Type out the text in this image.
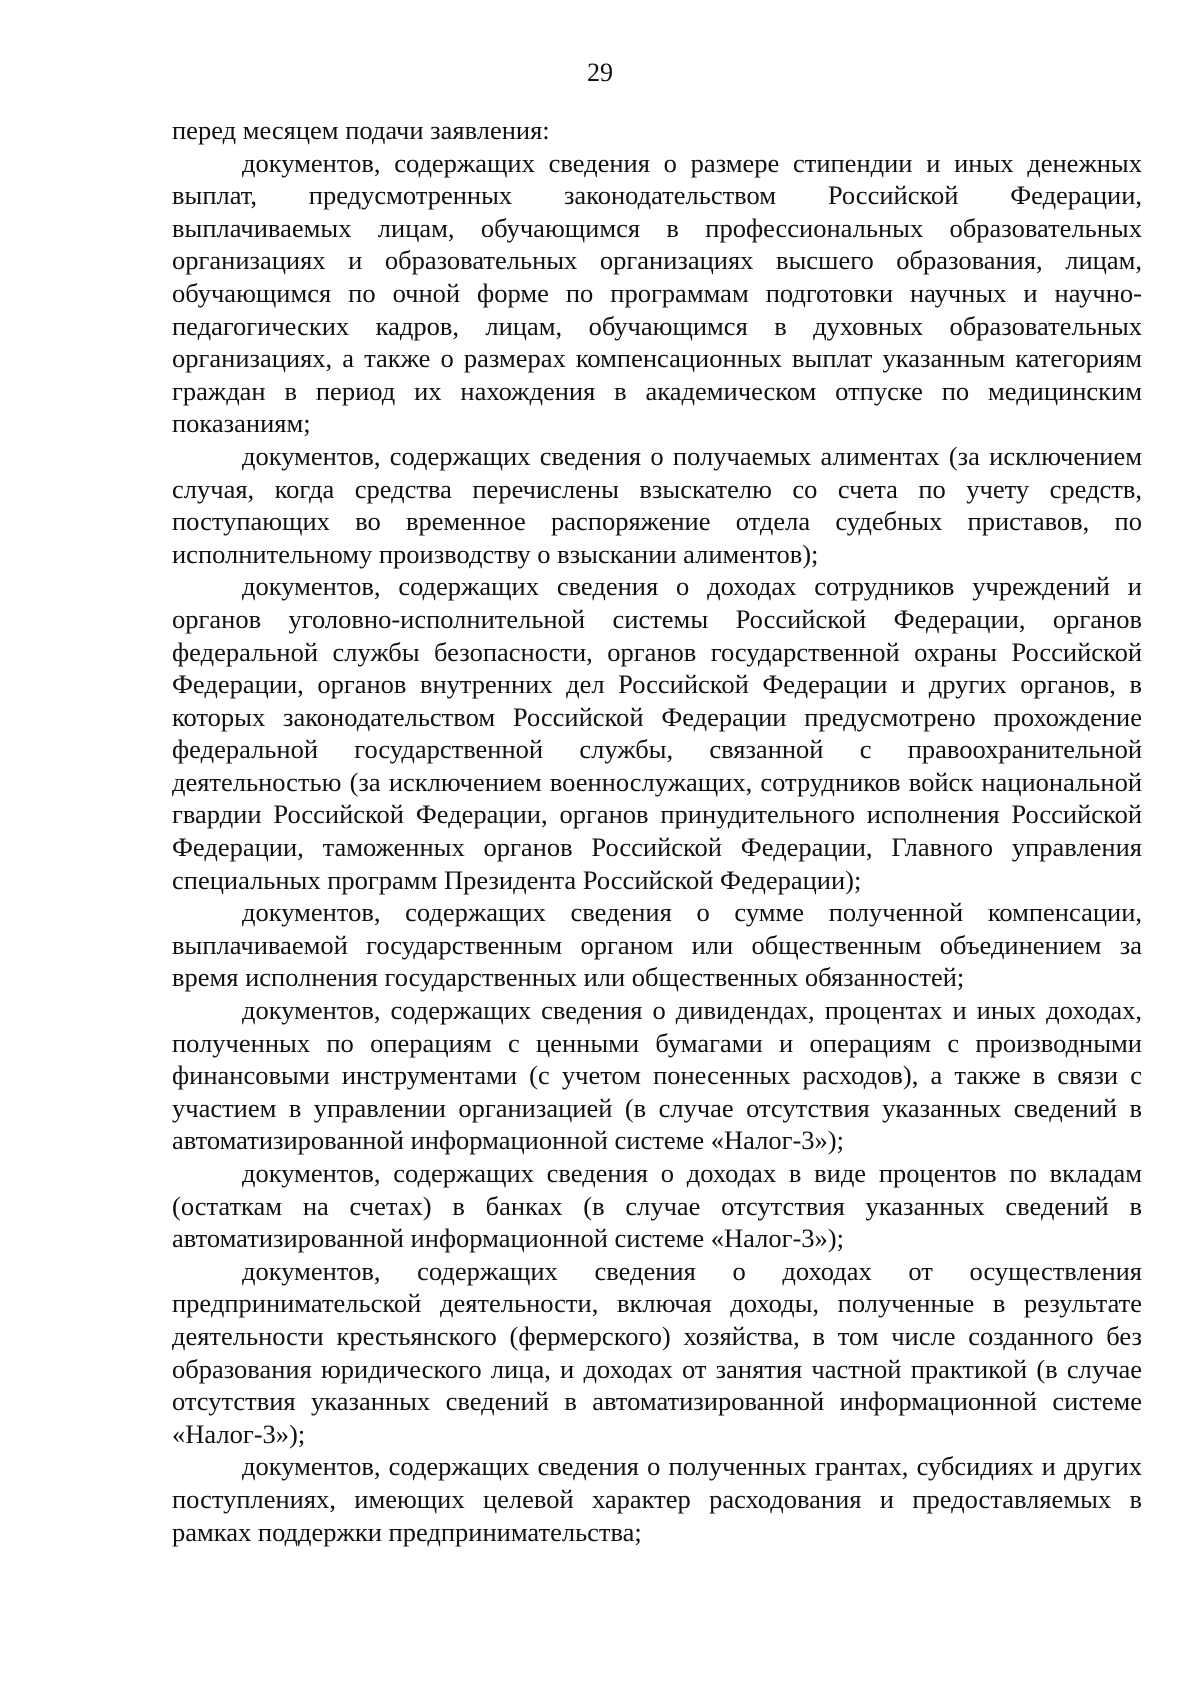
29

перед месяцем подачи заявления:

документов, содержащих сведения о размере стипендии и иных денежных выплат, предусмотренных законодательством Российской Федерации, выплачиваемых лицам, обучающимся в профессиональных образовательных организациях и образовательных организациях высшего образования, лицам, обучающимся по очной форме по программам подготовки научных и научно-педагогических кадров, лицам, обучающимся в духовных образовательных организациях, а также о размерах компенсационных выплат указанным категориям граждан в период их нахождения в академическом отпуске по медицинским показаниям;

документов, содержащих сведения о получаемых алиментах (за исключением случая, когда средства перечислены взыскателю со счета по учету средств, поступающих во временное распоряжение отдела судебных приставов, по исполнительному производству о взыскании алиментов);

документов, содержащих сведения о доходах сотрудников учреждений и органов уголовно-исполнительной системы Российской Федерации, органов федеральной службы безопасности, органов государственной охраны Российской Федерации, органов внутренних дел Российской Федерации и других органов, в которых законодательством Российской Федерации предусмотрено прохождение федеральной государственной службы, связанной с правоохранительной деятельностью (за исключением военнослужащих, сотрудников войск национальной гвардии Российской Федерации, органов принудительного исполнения Российской Федерации, таможенных органов Российской Федерации, Главного управления специальных программ Президента Российской Федерации);

документов, содержащих сведения о сумме полученной компенсации, выплачиваемой государственным органом или общественным объединением за время исполнения государственных или общественных обязанностей;

документов, содержащих сведения о дивидендах, процентах и иных доходах, полученных по операциям с ценными бумагами и операциям с производными финансовыми инструментами (с учетом понесенных расходов), а также в связи с участием в управлении организацией (в случае отсутствия указанных сведений в автоматизированной информационной системе «Налог-3»);

документов, содержащих сведения о доходах в виде процентов по вкладам (остаткам на счетах) в банках (в случае отсутствия указанных сведений в автоматизированной информационной системе «Налог-3»);

документов, содержащих сведения о доходах от осуществления предпринимательской деятельности, включая доходы, полученные в результате деятельности крестьянского (фермерского) хозяйства, в том числе созданного без образования юридического лица, и доходах от занятия частной практикой (в случае отсутствия указанных сведений в автоматизированной информационной системе «Налог-3»);

документов, содержащих сведения о полученных грантах, субсидиях и других поступлениях, имеющих целевой характер расходования и предоставляемых в рамках поддержки предпринимательства;
